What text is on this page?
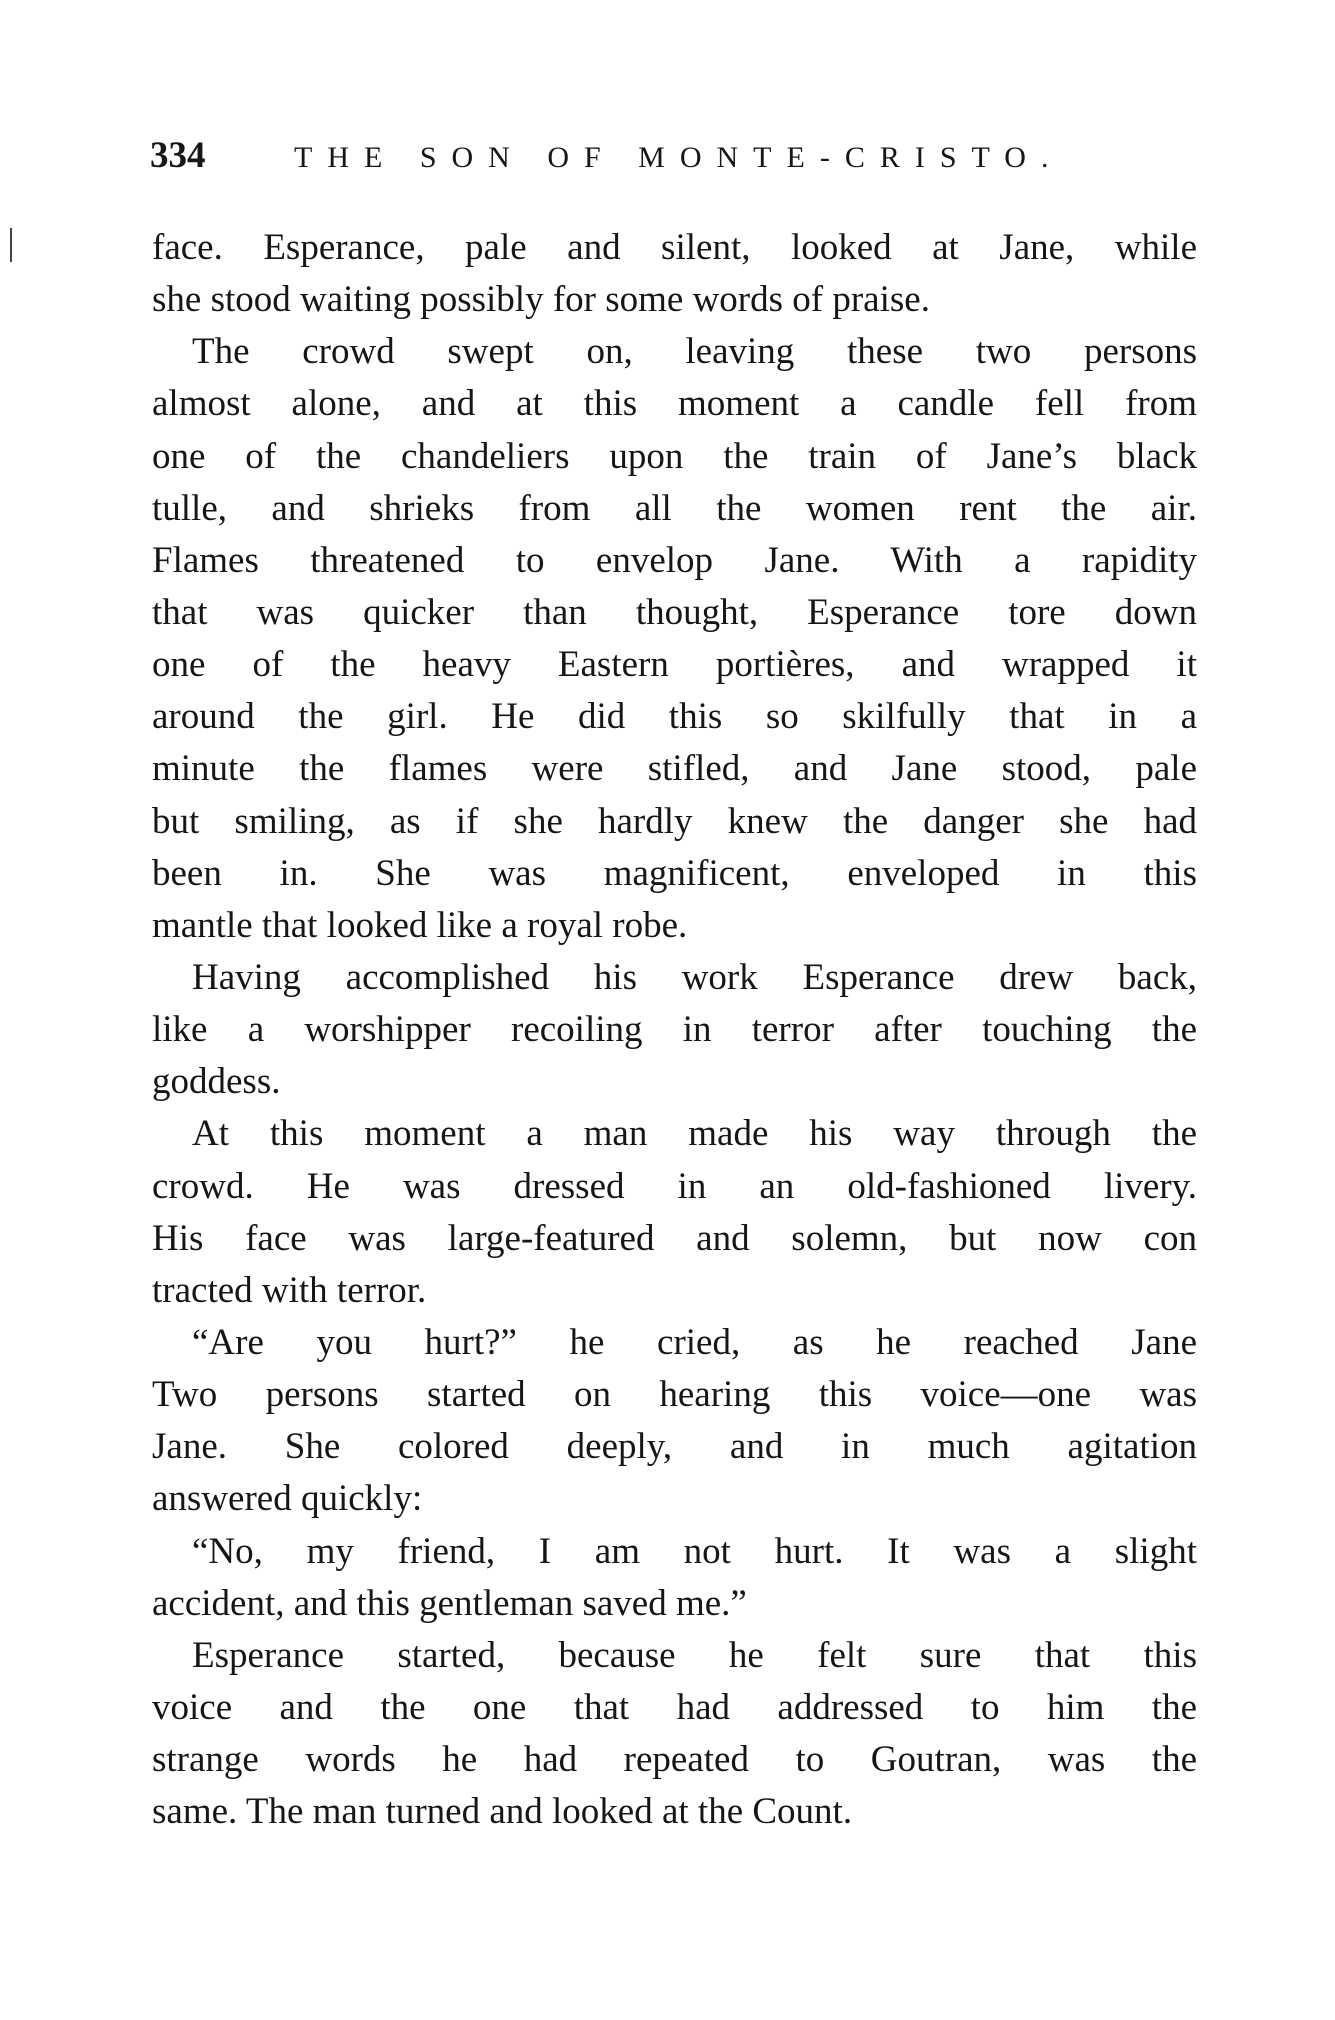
334	THE SON OF MONTE-CRISTO.
face. Esperance, pale and silent, looked at Jane, while
she stood waiting possibly for some words of praise.
The crowd swept on, leaving these two persons
almost alone, and at this moment a candle fell from
one of the chandeliers upon the train of Jane’s black
tulle, and shrieks from all the women rent the air.
Flames threatened to envelop Jane. With a rapidity
that was quicker than thought, Esperance tore down
one of the heavy Eastern portières, and wrapped it
around the girl. He did this so skilfully that in a
minute the flames were stifled, and Jane stood, pale
but smiling, as if she hardly knew the danger she had
been in. She was magnificent, enveloped in this
mantle that looked like a royal robe.
Having accomplished his work Esperance drew back,
like a worshipper recoiling in terror after touching the
goddess.
At this moment a man made his way through the
crowd. He was dressed in an old-fashioned livery.
His face was large-featured and solemn, but now con
tracted with terror.
“Are you hurt?” he cried, as he reached Jane
Two persons started on hearing this voice—one was
Jane. She colored deeply, and in much agitation
answered quickly:
“No, my friend, I am not hurt. It was a slight
accident, and this gentleman saved me.”
Esperance started, because he felt sure that this
voice and the one that had addressed to him the
strange words he had repeated to Goutran, was the
same. The man turned and looked at the Count.
